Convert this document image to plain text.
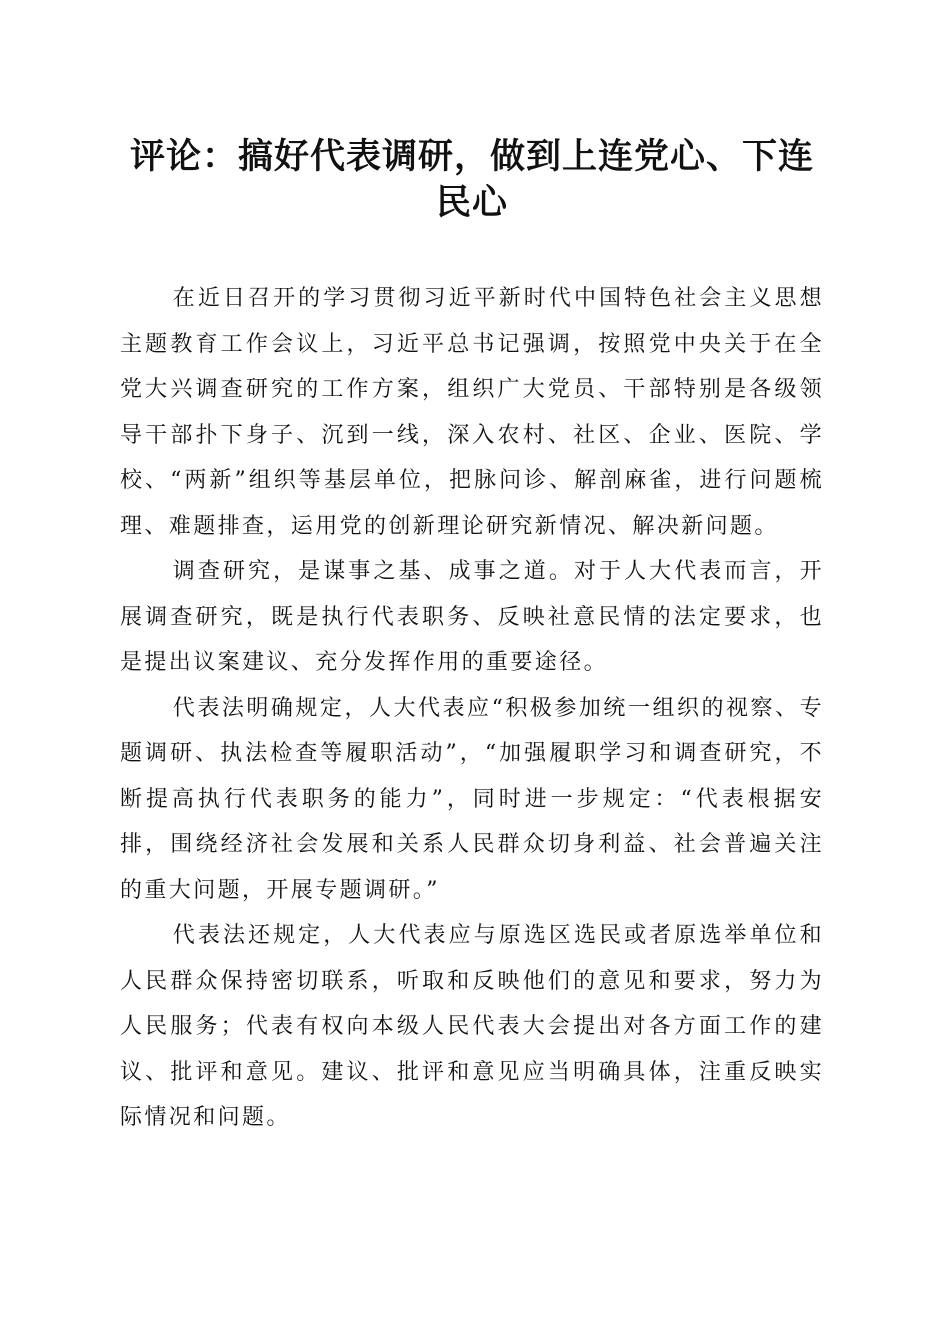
评论：搞好代表调研，做到上连党心、下连民心

在近日召开的学习贯彻习近平新时代中国特色社会主义思想主题教育工作会议上，习近平总书记强调，按照党中央关于在全党大兴调查研究的工作方案，组织广大党员、干部特别是各级领导干部扑下身子、沉到一线，深入农村、社区、企业、医院、学校、“两新”组织等基层单位，把脉问诊、解剖麻雀，进行问题梳理、难题排查，运用党的创新理论研究新情况、解决新问题。

调查研究，是谋事之基、成事之道。对于人大代表而言，开展调查研究，既是执行代表职务、反映社意民情的法定要求，也是提出议案建议、充分发挥作用的重要途径。

代表法明确规定，人大代表应“积极参加统一组织的视察、专题调研、执法检查等履职活动”，“加强履职学习和调查研究，不断提高执行代表职务的能力”，同时进一步规定：“代表根据安排，围绕经济社会发展和关系人民群众切身利益、社会普遍关注的重大问题，开展专题调研。”

代表法还规定，人大代表应与原选区选民或者原选举单位和人民群众保持密切联系，听取和反映他们的意见和要求，努力为人民服务；代表有权向本级人民代表大会提出对各方面工作的建议、批评和意见。建议、批评和意见应当明确具体，注重反映实际情况和问题。
